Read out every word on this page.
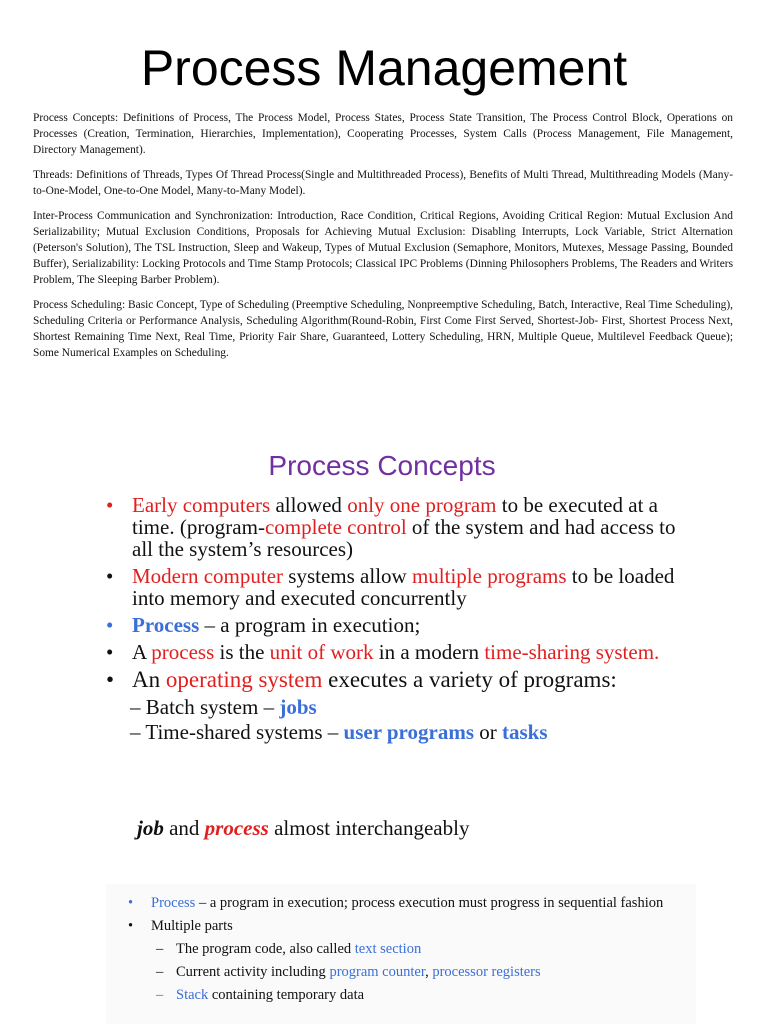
Process Management

Process Concepts: Definitions of Process, The Process Model, Process States, Process State Transition, The Process Control Block, Operations on Processes (Creation, Termination, Hierarchies, Implementation), Cooperating Processes, System Calls (Process Management, File Management, Directory Management).

Threads: Definitions of Threads, Types Of Thread Process(Single and Multithreaded Process), Benefits of Multi Thread, Multithreading Models (Many-to-One-Model, One-to-One Model, Many-to-Many Model).

Inter-Process Communication and Synchronization: Introduction, Race Condition, Critical Regions, Avoiding Critical Region: Mutual Exclusion And Serializability; Mutual Exclusion Conditions, Proposals for Achieving Mutual Exclusion: Disabling Interrupts, Lock Variable, Strict Alternation (Peterson's Solution), The TSL Instruction, Sleep and Wakeup, Types of Mutual Exclusion (Semaphore, Monitors, Mutexes, Message Passing, Bounded Buffer), Serializability: Locking Protocols and Time Stamp Protocols; Classical IPC Problems (Dinning Philosophers Problems, The Readers and Writers Problem, The Sleeping Barber Problem).

Process Scheduling: Basic Concept, Type of Scheduling (Preemptive Scheduling, Nonpreemptive Scheduling, Batch, Interactive, Real Time Scheduling), Scheduling Criteria or Performance Analysis, Scheduling Algorithm(Round-Robin, First Come First Served, Shortest-Job- First, Shortest Process Next, Shortest Remaining Time Next, Real Time, Priority Fair Share, Guaranteed, Lottery Scheduling, HRN, Multiple Queue, Multilevel Feedback Queue); Some Numerical Examples on Scheduling.

Process Concepts
• Early computers allowed only one program to be executed at a time. (program-complete control of the system and had access to all the system’s resources)
• Modern computer systems allow multiple programs to be loaded into memory and executed concurrently
• Process – a program in execution;
• A process is the unit of work in a modern time-sharing system.
• An operating system executes a variety of programs:
– Batch system – jobs
– Time-shared systems – user programs or tasks
job and process almost interchangeably
• Process – a program in execution; process execution must progress in sequential fashion
• Multiple parts
– The program code, also called text section
– Current activity including program counter, processor registers
– Stack containing temporary data
